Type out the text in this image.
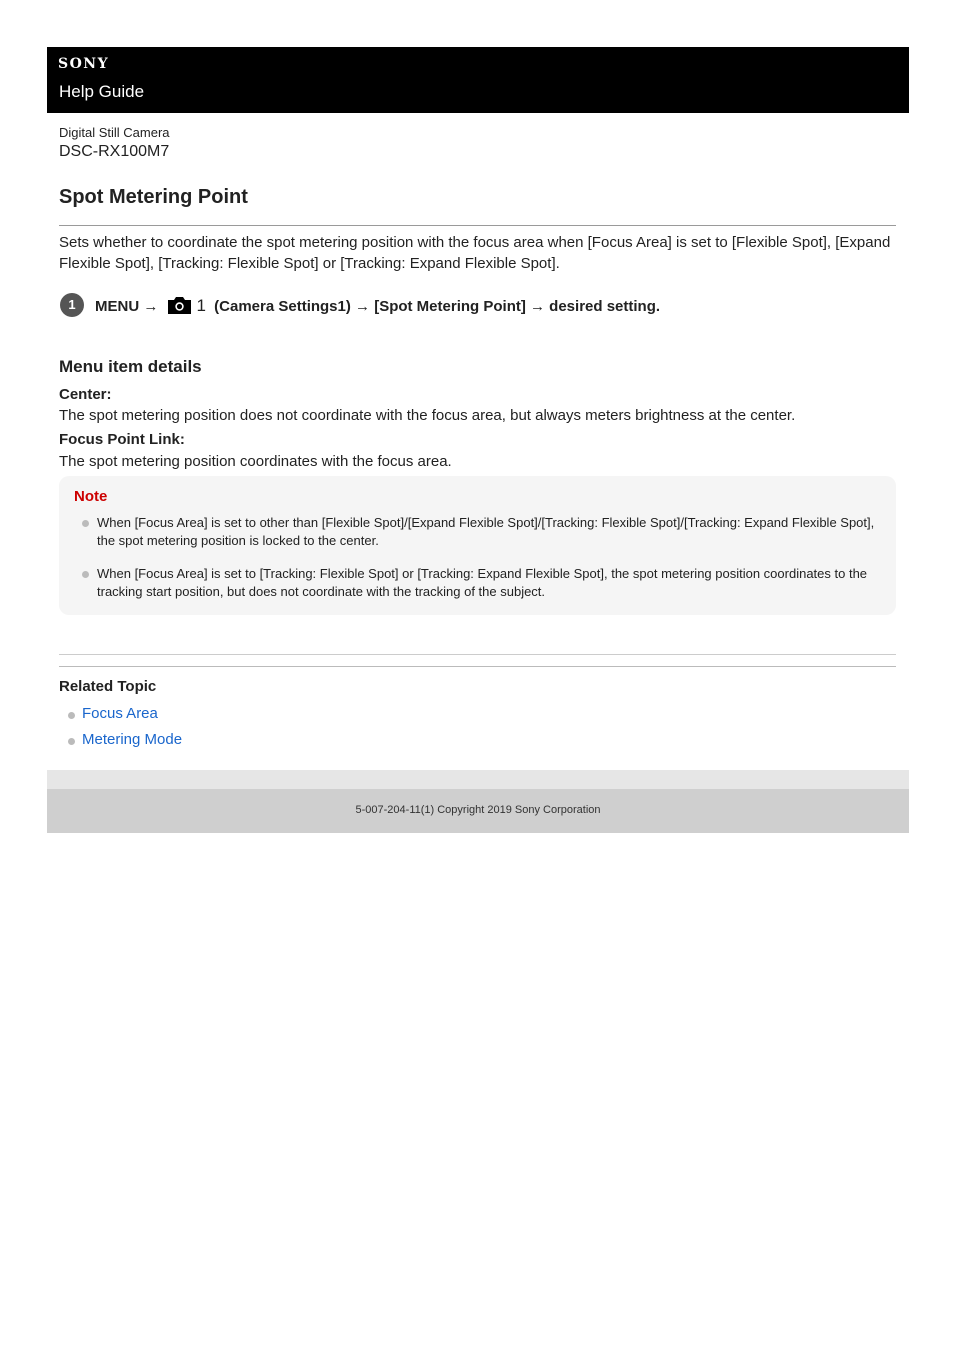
SONY
Help Guide
Digital Still Camera
DSC-RX100M7
Spot Metering Point
Sets whether to coordinate the spot metering position with the focus area when [Focus Area] is set to [Flexible Spot], [Expand Flexible Spot], [Tracking: Flexible Spot] or [Tracking: Expand Flexible Spot].
1	MENU → 1 (Camera Settings1) → [Spot Metering Point] → desired setting.
Menu item details
Center:
The spot metering position does not coordinate with the focus area, but always meters brightness at the center.
Focus Point Link:
The spot metering position coordinates with the focus area.
Note
When [Focus Area] is set to other than [Flexible Spot]/[Expand Flexible Spot]/[Tracking: Flexible Spot]/[Tracking: Expand Flexible Spot], the spot metering position is locked to the center.
When [Focus Area] is set to [Tracking: Flexible Spot] or [Tracking: Expand Flexible Spot], the spot metering position coordinates to the tracking start position, but does not coordinate with the tracking of the subject.
Related Topic
Focus Area
Metering Mode
5-007-204-11(1) Copyright 2019 Sony Corporation
